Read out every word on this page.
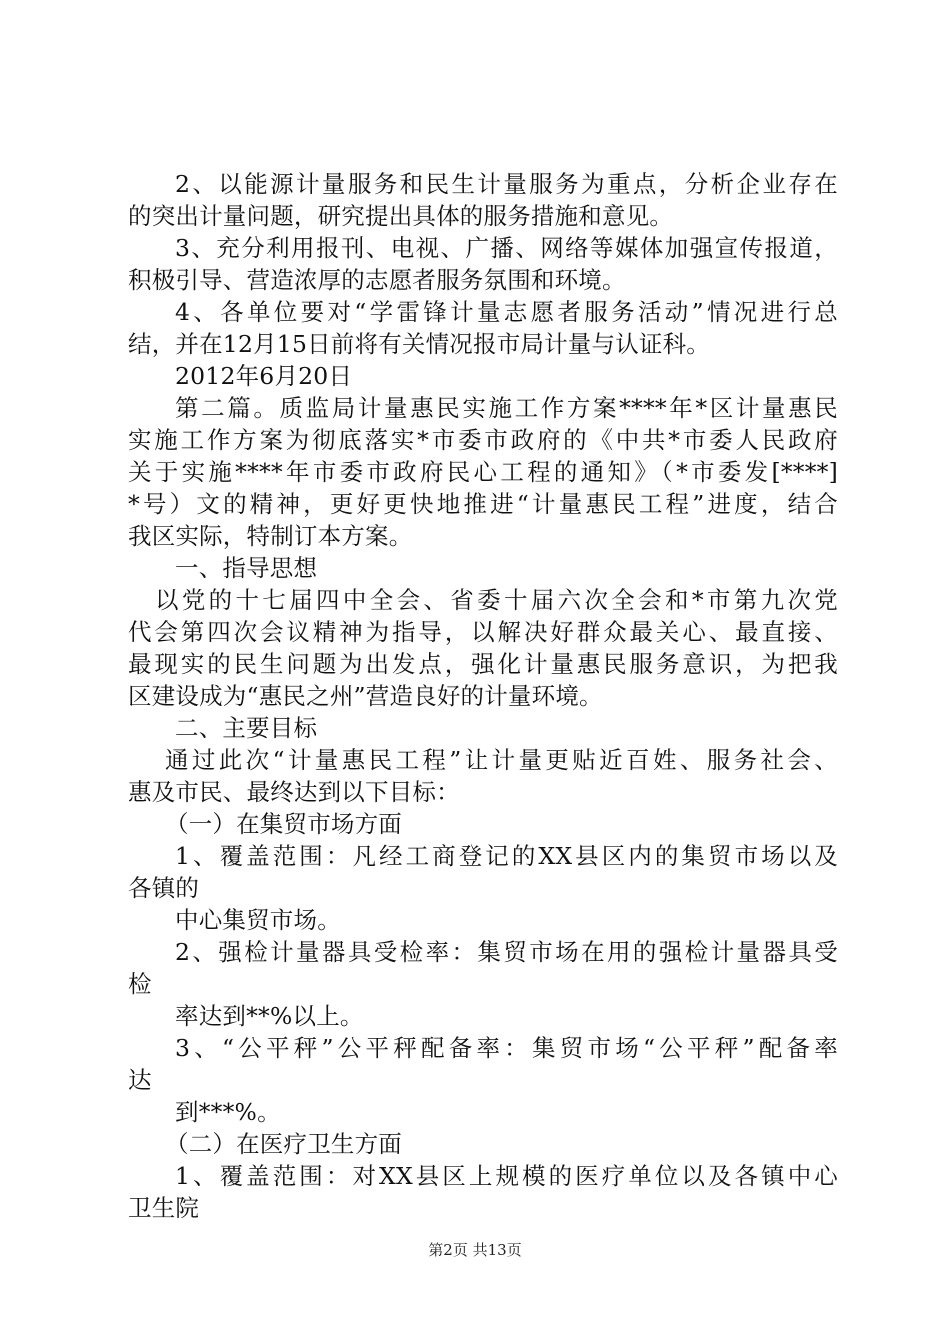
2、以能源计量服务和民生计量服务为重点，分析企业存在
的突出计量问题，研究提出具体的服务措施和意见。
3、充分利用报刊、电视、广播、网络等媒体加强宣传报道，
积极引导、营造浓厚的志愿者服务氛围和环境。
4、各单位要对“学雷锋计量志愿者服务活动”情况进行总
结，并在12月15日前将有关情况报市局计量与认证科。
2012年6月20日
第二篇。质监局计量惠民实施工作方案****年*区计量惠民
实施工作方案为彻底落实*市委市政府的《中共*市委人民政府
关于实施****年市委市政府民心工程的通知》（*市委发[****]
*号）文的精神，更好更快地推进“计量惠民工程”进度，结合
我区实际，特制订本方案。
一、指导思想
以党的十七届四中全会、省委十届六次全会和*市第九次党
代会第四次会议精神为指导，以解决好群众最关心、最直接、
最现实的民生问题为出发点，强化计量惠民服务意识，为把我
区建设成为“惠民之州”营造良好的计量环境。
二、主要目标
通过此次“计量惠民工程”让计量更贴近百姓、服务社会、
惠及市民、最终达到以下目标：
（一）在集贸市场方面
1、覆盖范围：凡经工商登记的XX县区内的集贸市场以及
各镇的
中心集贸市场。
2、强检计量器具受检率：集贸市场在用的强检计量器具受
检
率达到**%以上。
3、“公平秤”公平秤配备率：集贸市场“公平秤”配备率
达
到***%。
（二）在医疗卫生方面
1、覆盖范围：对XX县区上规模的医疗单位以及各镇中心
卫生院
第2页 共13页
